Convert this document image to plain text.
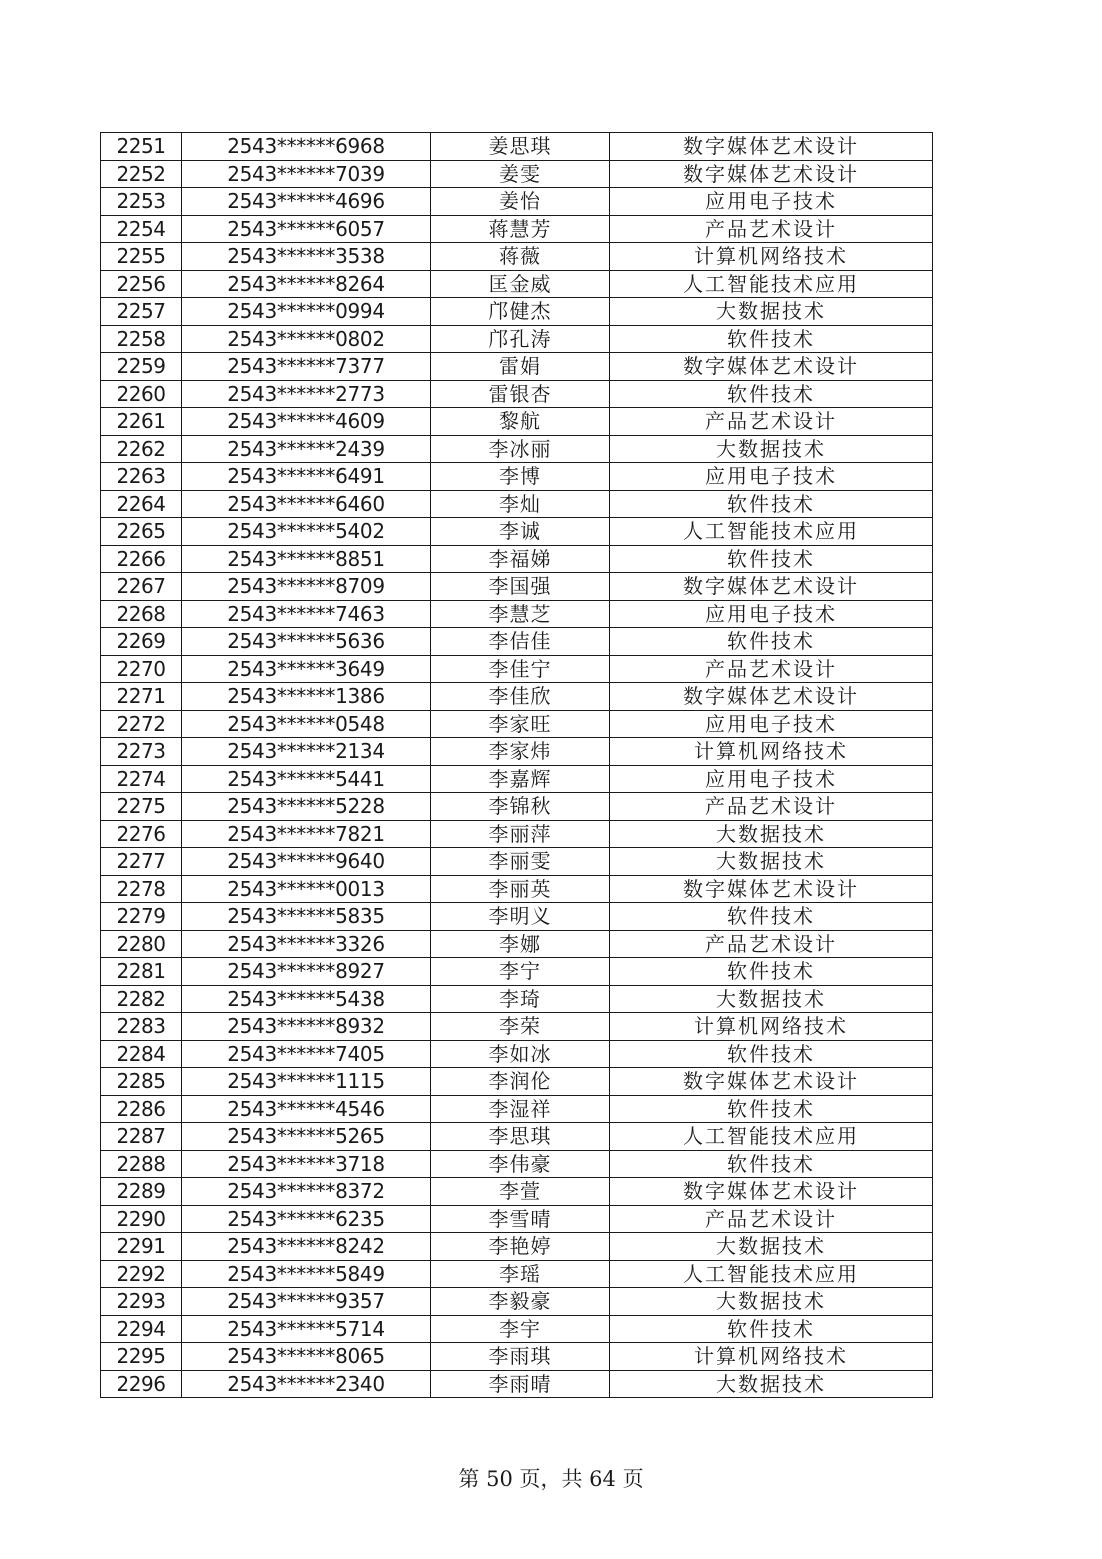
2251	2543******6968	姜思琪	数字媒体艺术设计
2252	2543******7039	姜雯	数字媒体艺术设计
2253	2543******4696	姜怡	应用电子技术
2254	2543******6057	蒋慧芳	产品艺术设计
2255	2543******3538	蒋薇	计算机网络技术
2256	2543******8264	匡金威	人工智能技术应用
2257	2543******0994	邝健杰	大数据技术
2258	2543******0802	邝孔涛	软件技术
2259	2543******7377	雷娟	数字媒体艺术设计
2260	2543******2773	雷银杏	软件技术
2261	2543******4609	黎航	产品艺术设计
2262	2543******2439	李冰丽	大数据技术
2263	2543******6491	李博	应用电子技术
2264	2543******6460	李灿	软件技术
2265	2543******5402	李诚	人工智能技术应用
2266	2543******8851	李福娣	软件技术
2267	2543******8709	李国强	数字媒体艺术设计
2268	2543******7463	李慧芝	应用电子技术
2269	2543******5636	李佶佳	软件技术
2270	2543******3649	李佳宁	产品艺术设计
2271	2543******1386	李佳欣	数字媒体艺术设计
2272	2543******0548	李家旺	应用电子技术
2273	2543******2134	李家炜	计算机网络技术
2274	2543******5441	李嘉辉	应用电子技术
2275	2543******5228	李锦秋	产品艺术设计
2276	2543******7821	李丽萍	大数据技术
2277	2543******9640	李丽雯	大数据技术
2278	2543******0013	李丽英	数字媒体艺术设计
2279	2543******5835	李明义	软件技术
2280	2543******3326	李娜	产品艺术设计
2281	2543******8927	李宁	软件技术
2282	2543******5438	李琦	大数据技术
2283	2543******8932	李荣	计算机网络技术
2284	2543******7405	李如冰	软件技术
2285	2543******1115	李润伦	数字媒体艺术设计
2286	2543******4546	李湿祥	软件技术
2287	2543******5265	李思琪	人工智能技术应用
2288	2543******3718	李伟豪	软件技术
2289	2543******8372	李萱	数字媒体艺术设计
2290	2543******6235	李雪晴	产品艺术设计
2291	2543******8242	李艳婷	大数据技术
2292	2543******5849	李瑶	人工智能技术应用
2293	2543******9357	李毅豪	大数据技术
2294	2543******5714	李宇	软件技术
2295	2543******8065	李雨琪	计算机网络技术
2296	2543******2340	李雨晴	大数据技术
第 50 页，共 64 页
